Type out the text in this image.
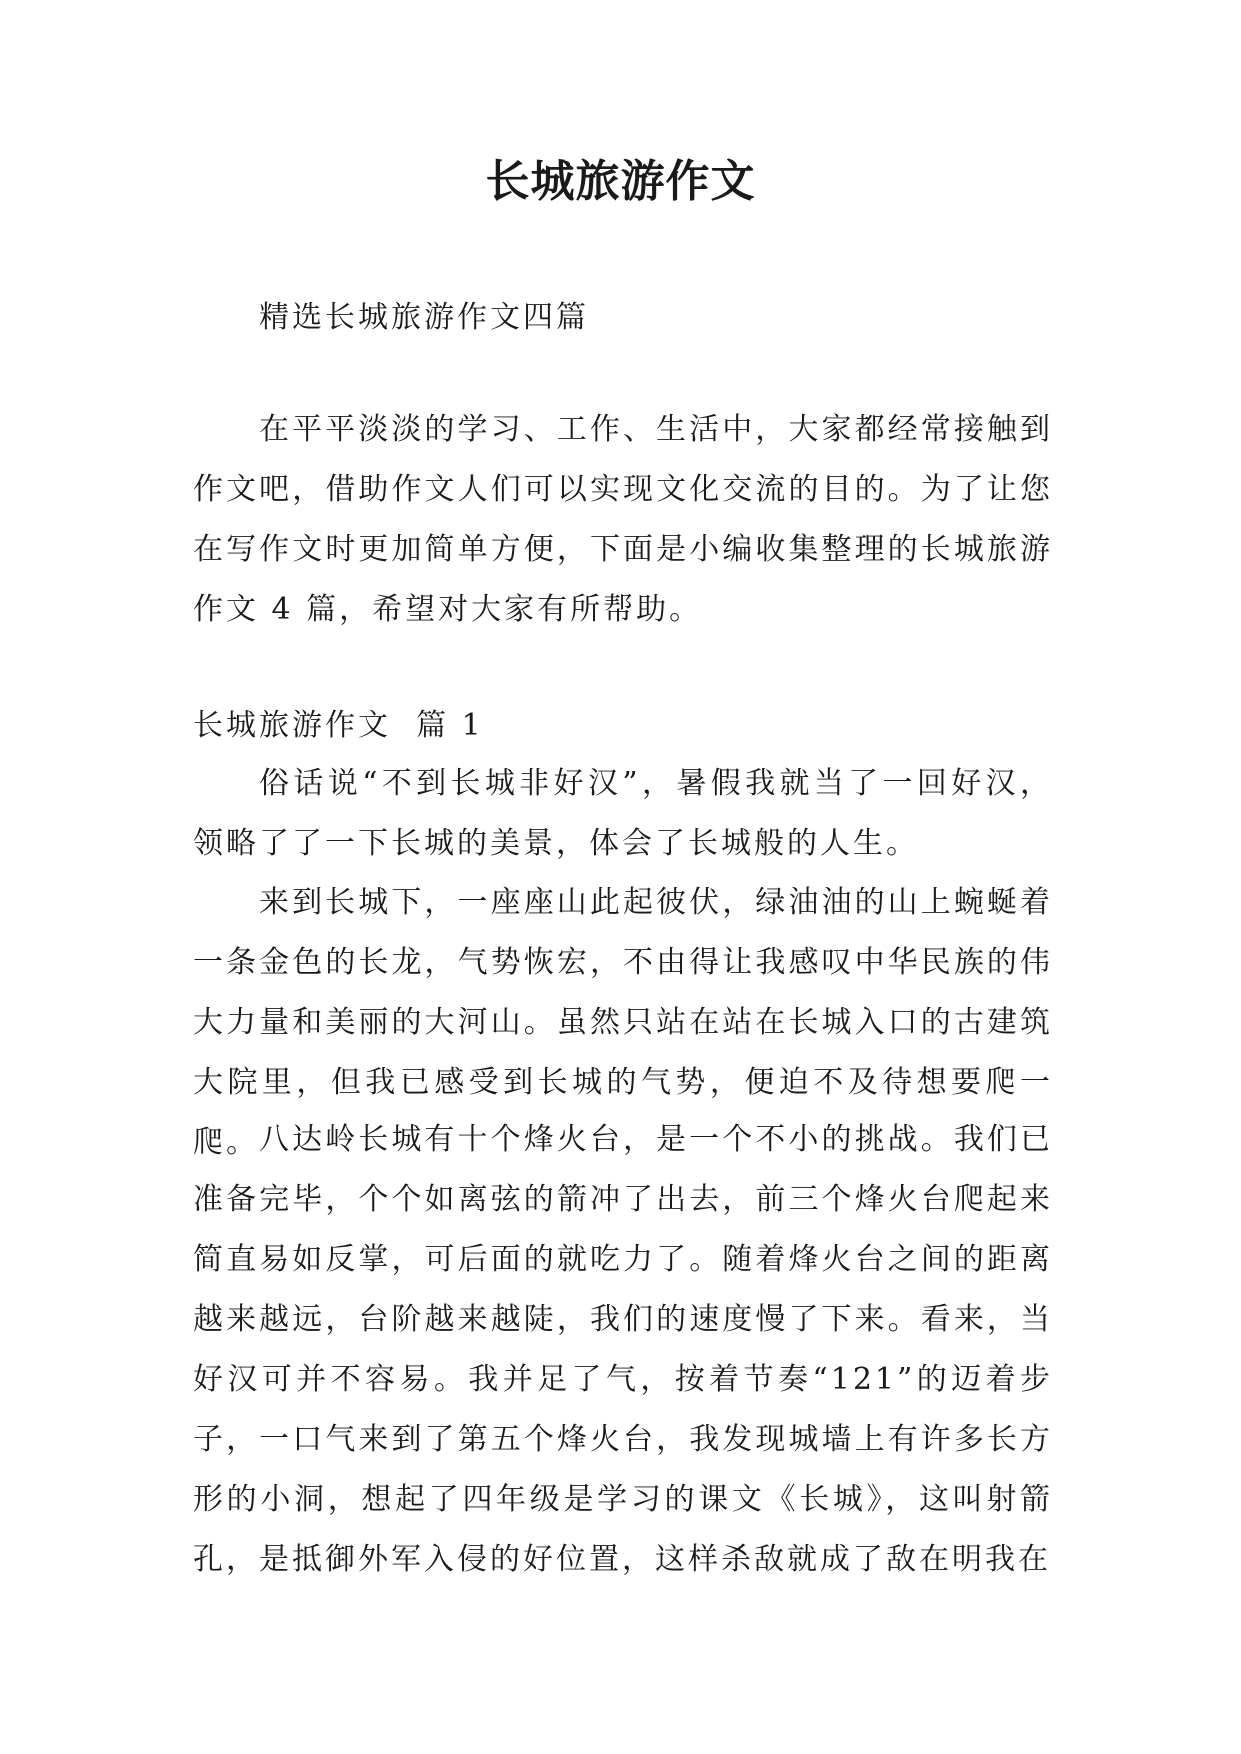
长城旅游作文

精选长城旅游作文四篇

在平平淡淡的学习、工作、生活中，大家都经常接触到作文吧，借助作文人们可以实现文化交流的目的。为了让您在写作文时更加简单方便，下面是小编收集整理的长城旅游作文 4 篇，希望对大家有所帮助。

长城旅游作文  篇 1

俗话说“不到长城非好汉”，暑假我就当了一回好汉，领略了了一下长城的美景，体会了长城般的人生。

来到长城下，一座座山此起彼伏，绿油油的山上蜿蜒着一条金色的长龙，气势恢宏，不由得让我感叹中华民族的伟大力量和美丽的大河山。虽然只站在站在长城入口的古建筑大院里，但我已感受到长城的气势，便迫不及待想要爬一爬。 八达岭长城有十个烽火台，是一个不小的挑战。我们已准备完毕，个个如离弦的箭冲了出去，前三个烽火台爬起来简直易如反掌，可后面的就吃力了。随着烽火台之间的距离越来越远，台阶越来越陡，我们的速度慢了下来。看来，当好汉可并不容易。我并足了气，按着节奏“121”的迈着步子，一口气来到了第五个烽火台，我发现城墙上有许多长方形的小洞，想起了四年级是学习的课文《长城》，这叫射箭孔，是抵御外军入侵的好位置，这样杀敌就成了敌在明我在
